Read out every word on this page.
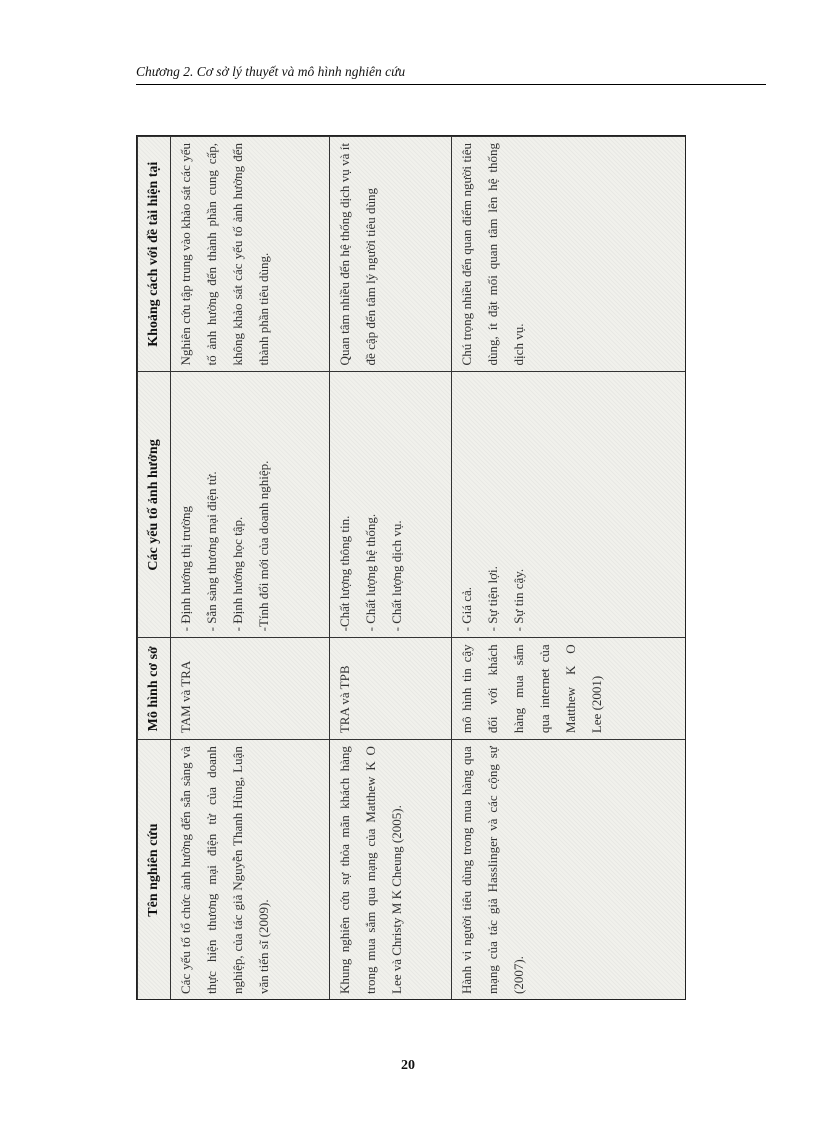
Chương 2. Cơ sở lý thuyết và mô hình nghiên cứu
Tên nghiên cứu	Mô hình cơ sở	Các yếu tố ảnh hưởng	Khoảng cách với đề tài hiện tại
Các yếu tố tổ chức ảnh hưởng đến sẵn sàng và thực hiện thương mại điện tử của doanh nghiệp, của tác giả Nguyễn Thanh Hùng, Luận văn tiến sĩ (2009).	TAM và TRA	- Định hướng thị trường - Sẵn sàng thương mại điện tử. - Định hướng học tập. -Tính đổi mới của doanh nghiệp.	Nghiên cứu tập trung vào khảo sát các yếu tố ảnh hưởng đến thành phần cung cấp, không khảo sát các yếu tố ảnh hưởng đến thành phần tiêu dùng.
Khung nghiên cứu sự thỏa mãn khách hàng trong mua sắm qua mạng của Matthew K O Lee và Christy M K Cheung (2005).	TRA và TPB	-Chất lượng thông tin. - Chất lượng hệ thống. - Chất lượng dịch vụ.	Quan tâm nhiều đến hệ thống dịch vụ và ít đề cập đến tâm lý người tiêu dùng
Hành vi người tiêu dùng trong mua hàng qua mạng của tác giả Hasslinger và các cộng sự (2007).	mô hình tin cậy đối với khách hàng mua sắm qua internet của Matthew K O Lee (2001)	- Giá cả. - Sự tiện lợi. - Sự tin cậy.	Chú trọng nhiều đến quan điểm người tiêu dùng, ít đặt mối quan tâm lên hệ thống dịch vụ.
20
